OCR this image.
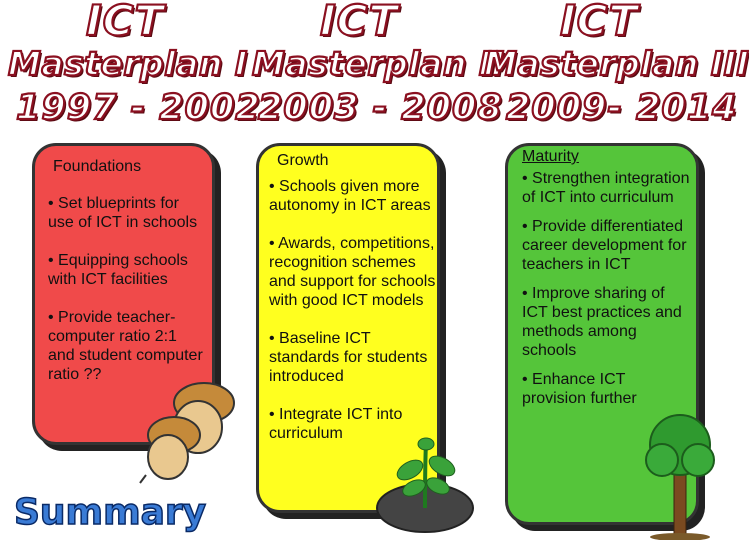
ICT	ICT	ICT
Masterplan I Masterplan II
Masterplan III
1997 - 2002
2003 - 2008 2009- 2014
Foundations

• Set blueprints for use of ICT in schools

• Equipping schools with ICT facilities

• Provide teacher-computer ratio 2:1 and student computer ratio ??

Growth

• Schools given more autonomy in ICT areas

• Awards, competitions, recognition schemes and support for schools with good ICT models

• Baseline ICT standards for students introduced

• Integrate ICT into curriculum

Maturity

• Strengthen integration of ICT into curriculum

• Provide differentiated career development for teachers in ICT

• Improve sharing of ICT best practices and methods among schools

• Enhance ICT provision further

Summary
